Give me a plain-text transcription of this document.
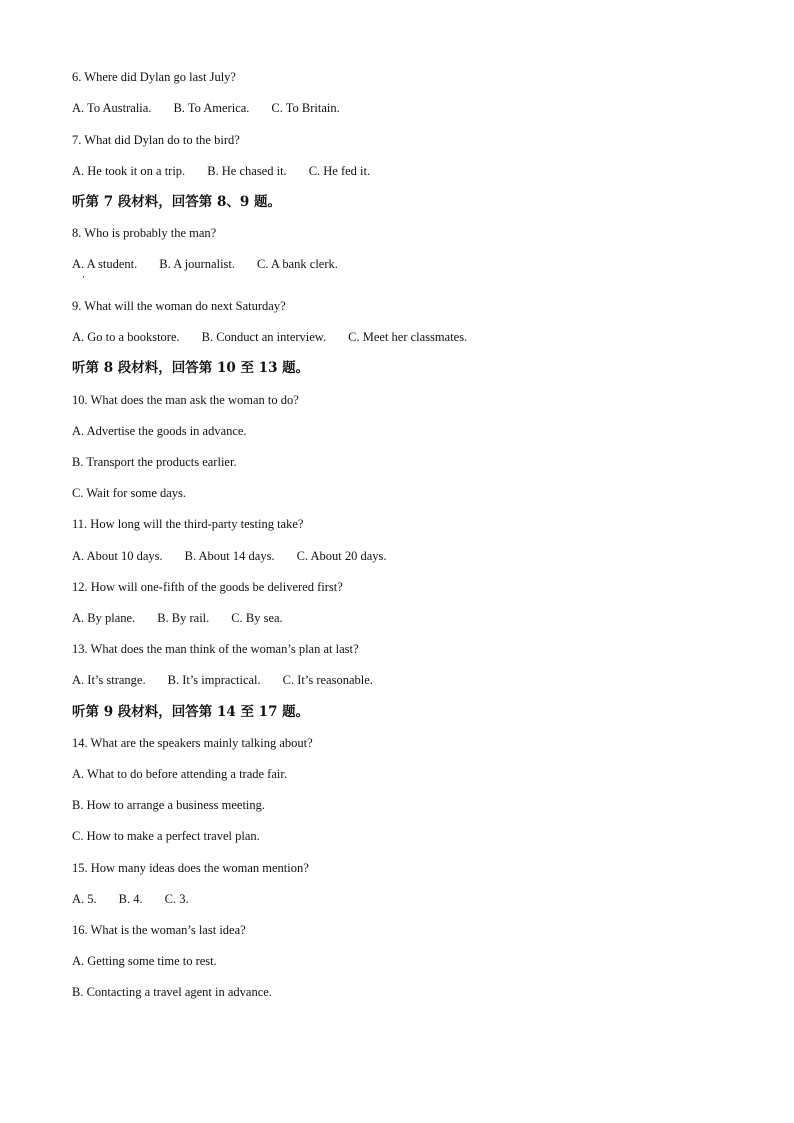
6. Where did Dylan go last July?
A. To Australia. B. To America. C. To Britain.
7. What did Dylan do to the bird?
A. He took it on a trip. B. He chased it. C. He fed it.
听第 7 段材料，回答第 8、9 题。
8. Who is probably the man?
A. A student. B. A journalist. C. A bank clerk.
9. What will the woman do next Saturday?
A. Go to a bookstore. B. Conduct an interview. C. Meet her classmates.
听第 8 段材料，回答第 10 至 13 题。
10. What does the man ask the woman to do?
A. Advertise the goods in advance.
B. Transport the products earlier.
C. Wait for some days.
11. How long will the third-party testing take?
A. About 10 days. B. About 14 days. C. About 20 days.
12. How will one-fifth of the goods be delivered first?
A. By plane. B. By rail. C. By sea.
13. What does the man think of the woman’s plan at last?
A. It’s strange. B. It’s impractical. C. It’s reasonable.
听第 9 段材料，回答第 14 至 17 题。
14. What are the speakers mainly talking about?
A. What to do before attending a trade fair.
B. How to arrange a business meeting.
C. How to make a perfect travel plan.
15. How many ideas does the woman mention?
A. 5. B. 4. C. 3.
16. What is the woman’s last idea?
A. Getting some time to rest.
B. Contacting a travel agent in advance.
